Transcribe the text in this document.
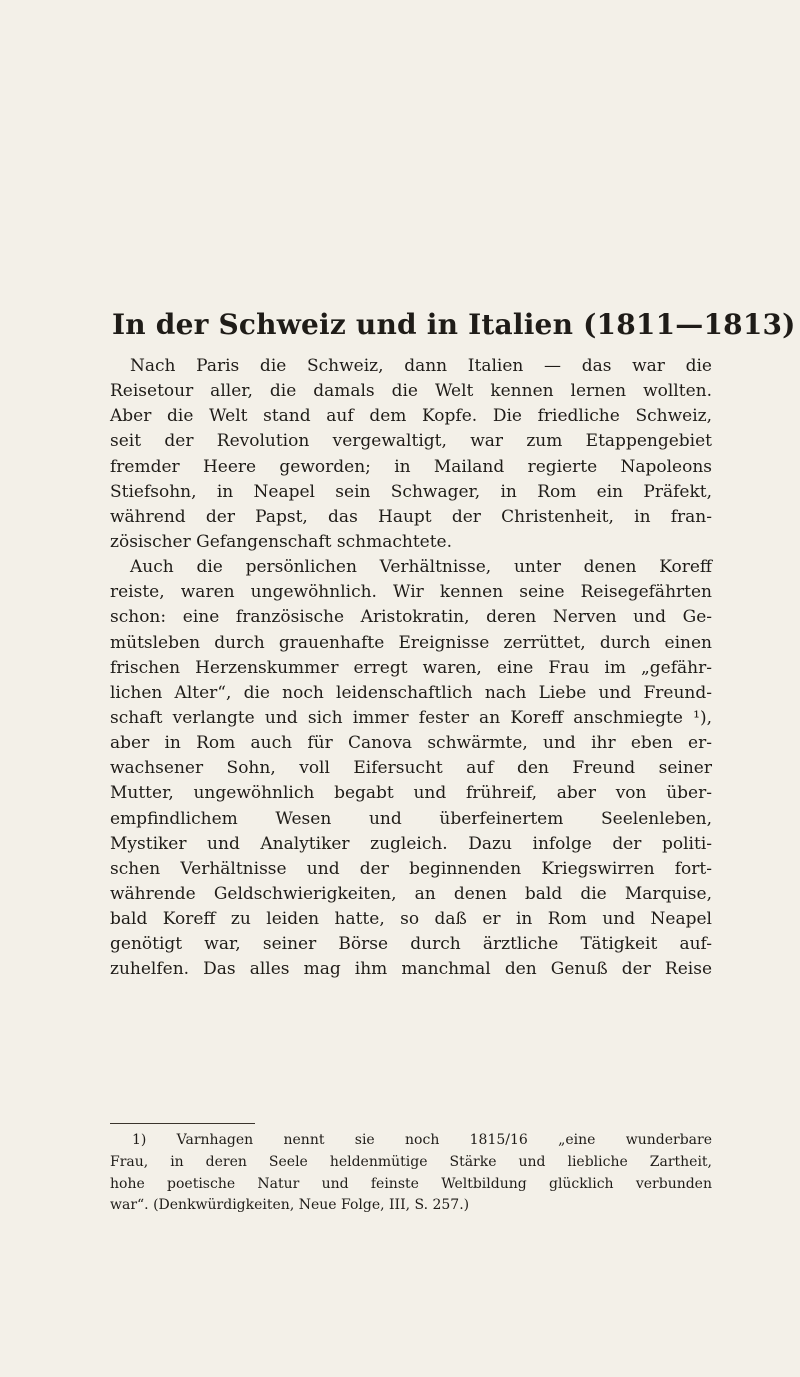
In der Schweiz und in Italien (1811—1813)
Nach Paris die Schweiz, dann Italien — das war die
Reisetour aller, die damals die Welt kennen lernen wollten.
Aber die Welt stand auf dem Kopfe. Die friedliche Schweiz,
seit der Revolution vergewaltigt, war zum Etappengebiet
fremder Heere geworden; in Mailand regierte Napoleons
Stiefsohn, in Neapel sein Schwager, in Rom ein Präfekt,
während der Papst, das Haupt der Christenheit, in fran-
zösischer Gefangenschaft schmachtete.
Auch die persönlichen Verhältnisse, unter denen Koreff
reiste, waren ungewöhnlich. Wir kennen seine Reisegefährten
schon: eine französische Aristokratin, deren Nerven und Ge-
mütsleben durch grauenhafte Ereignisse zerrüttet, durch einen
frischen Herzenskummer erregt waren, eine Frau im „gefähr-
lichen Alter“, die noch leidenschaftlich nach Liebe und Freund-
schaft verlangte und sich immer fester an Koreff anschmiegte ¹),
aber in Rom auch für Canova schwärmte, und ihr eben er-
wachsener Sohn, voll Eifersucht auf den Freund seiner
Mutter, ungewöhnlich begabt und frühreif, aber von über-
empfindlichem Wesen und überfeinertem Seelenleben,
Mystiker und Analytiker zugleich. Dazu infolge der politi-
schen Verhältnisse und der beginnenden Kriegswirren fort-
währende Geldschwierigkeiten, an denen bald die Marquise,
bald Koreff zu leiden hatte, so daß er in Rom und Neapel
genötigt war, seiner Börse durch ärztliche Tätigkeit auf-
zuhelfen. Das alles mag ihm manchmal den Genuß der Reise
1) Varnhagen nennt sie noch 1815/16 „eine wunderbare
Frau, in deren Seele heldenmütige Stärke und liebliche Zartheit,
hohe poetische Natur und feinste Weltbildung glücklich verbunden
war“. (Denkwürdigkeiten, Neue Folge, III, S. 257.)
